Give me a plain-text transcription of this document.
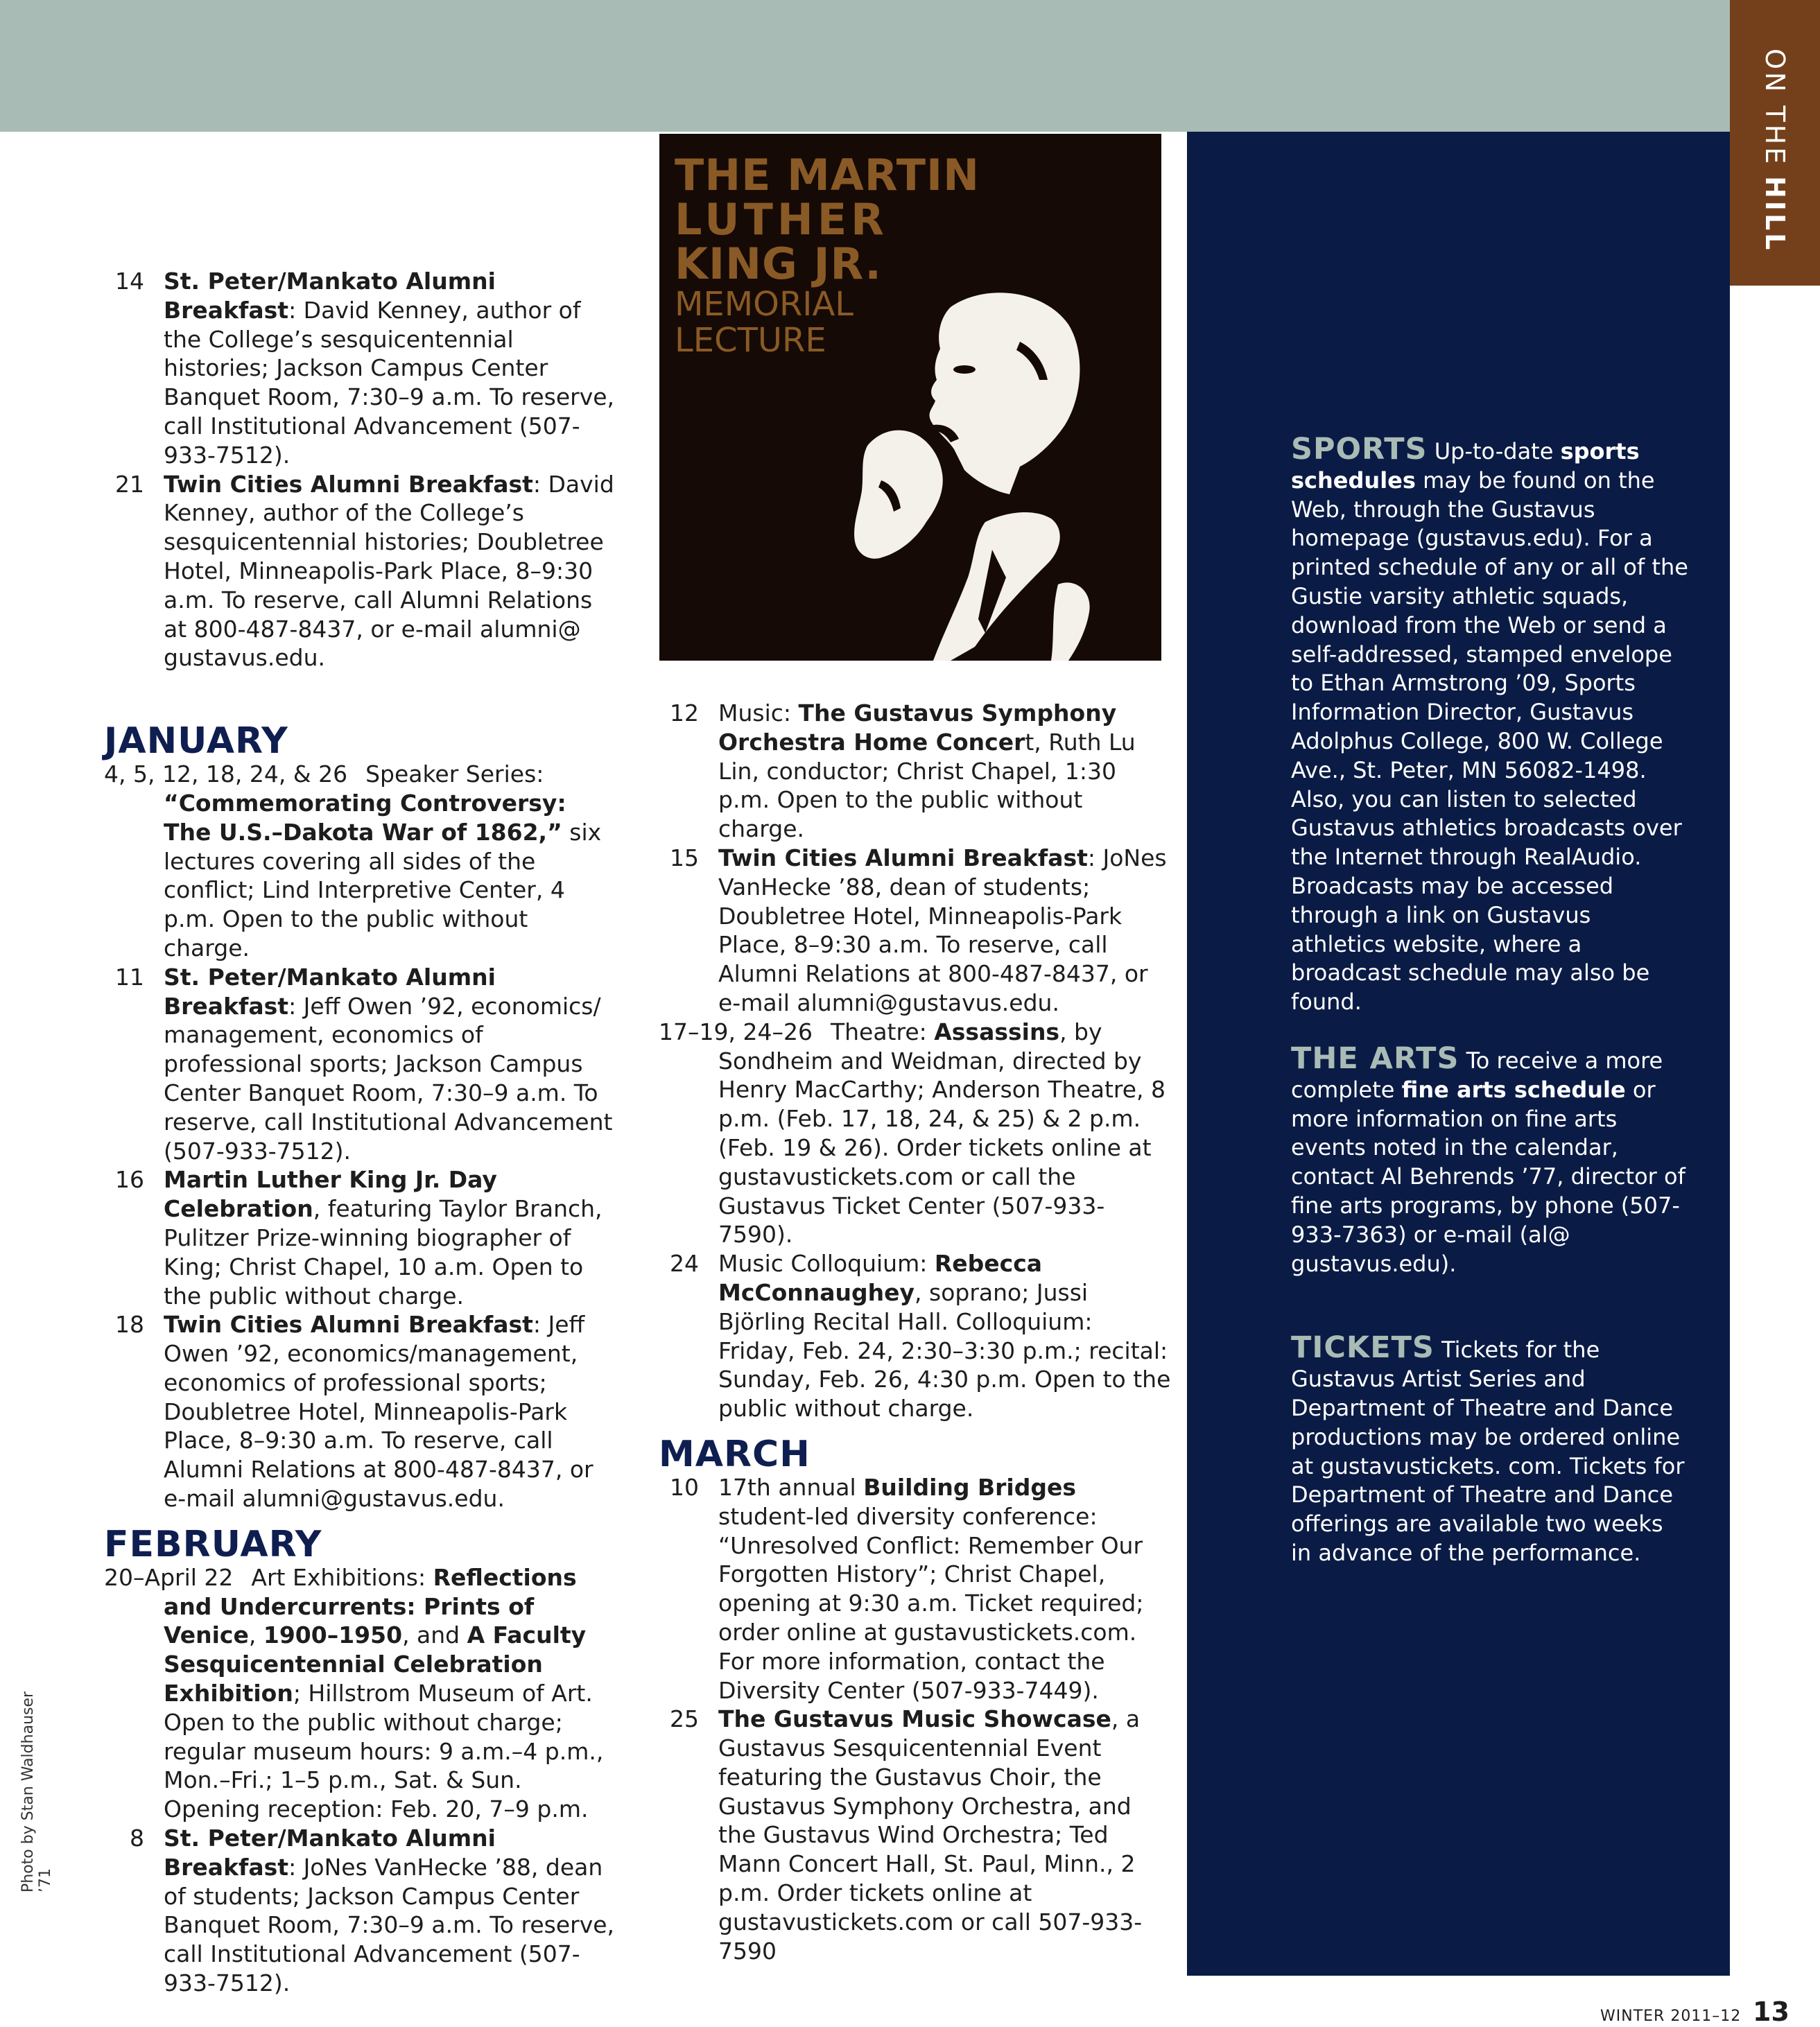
ON THE
HILL
THE MARTIN
LUTHER
KING JR.
MEMORIAL
LECTURE
14 St. Peter/Mankato Alumni Breakfast: David Kenney, author of the College’s sesquicentennial histories; Jackson Campus Center Banquet Room, 7:30–9 a.m. To reserve, call Institutional Advancement (507-933-7512).
21 Twin Cities Alumni Breakfast: David Kenney, author of the College’s sesquicentennial histories; Doubletree Hotel, Minneapolis-Park Place, 8–9:30 a.m. To reserve, call Alumni Relations at 800-487-8437, or e-mail alumni@ gustavus.edu.
JANUARY
4, 5, 12, 18, 24, & 26 Speaker Series: “Commemorating Controversy: The U.S.–Dakota War of 1862,” six lectures covering all sides of the conflict; Lind Interpretive Center, 4 p.m. Open to the public without charge.
11 St. Peter/Mankato Alumni Breakfast: Jeff Owen ’92, economics/ management, economics of professional sports; Jackson Campus Center Banquet Room, 7:30–9 a.m. To reserve, call Institutional Advancement (507-933-7512).
16 Martin Luther King Jr. Day Celebration, featuring Taylor Branch, Pulitzer Prize-winning biographer of King; Christ Chapel, 10 a.m. Open to the public without charge.
18 Twin Cities Alumni Breakfast: Jeff Owen ’92, economics/management, economics of professional sports; Doubletree Hotel, Minneapolis-Park Place, 8–9:30 a.m. To reserve, call Alumni Relations at 800-487-8437, or e-mail alumni@gustavus.edu.
FEBRUARY
20–April 22 Art Exhibitions: Reflections and Undercurrents: Prints of Venice, 1900–1950, and A Faculty Sesquicentennial Celebration Exhibition; Hillstrom Museum of Art. Open to the public without charge; regular museum hours: 9 a.m.–4 p.m., Mon.–Fri.; 1–5 p.m., Sat. & Sun. Opening reception: Feb. 20, 7–9 p.m.
8 St. Peter/Mankato Alumni Breakfast: JoNes VanHecke ’88, dean of students; Jackson Campus Center Banquet Room, 7:30–9 a.m. To reserve, call Institutional Advancement (507-933-7512).
12 Music: The Gustavus Symphony Orchestra Home Concert, Ruth Lu Lin, conductor; Christ Chapel, 1:30 p.m. Open to the public without charge.
15 Twin Cities Alumni Breakfast: JoNes VanHecke ’88, dean of students; Doubletree Hotel, Minneapolis-Park Place, 8–9:30 a.m. To reserve, call Alumni Relations at 800-487-8437, or e-mail alumni@gustavus.edu.
17–19, 24–26 Theatre: Assassins, by Sondheim and Weidman, directed by Henry MacCarthy; Anderson Theatre, 8 p.m. (Feb. 17, 18, 24, & 25) & 2 p.m. (Feb. 19 & 26). Order tickets online at gustavustickets.com or call the Gustavus Ticket Center (507-933-7590).
24 Music Colloquium: Rebecca McConnaughey, soprano; Jussi Björling Recital Hall. Colloquium: Friday, Feb. 24, 2:30–3:30 p.m.; recital: Sunday, Feb. 26, 4:30 p.m. Open to the public without charge.
MARCH
10 17th annual Building Bridges student-led diversity conference: “Unresolved Conflict: Remember Our Forgotten History”; Christ Chapel, opening at 9:30 a.m. Ticket required; order online at gustavustickets.com. For more information, contact the Diversity Center (507-933-7449).
25 The Gustavus Music Showcase, a Gustavus Sesquicentennial Event featuring the Gustavus Choir, the Gustavus Symphony Orchestra, and the Gustavus Wind Orchestra; Ted Mann Concert Hall, St. Paul, Minn., 2 p.m. Order tickets online at gustavustickets.com or call 507-933-7590

SPORTS Up-to-date sports schedules may be found on the Web, through the Gustavus homepage (gustavus.edu). For a printed schedule of any or all of the Gustie varsity athletic squads, download from the Web or send a self-addressed, stamped envelope to Ethan Armstrong ’09, Sports Information Director, Gustavus Adolphus College, 800 W. College Ave., St. Peter, MN 56082-1498. Also, you can listen to selected Gustavus athletics broadcasts over the Internet through RealAudio. Broadcasts may be accessed through a link on Gustavus athletics website, where a broadcast schedule may also be found.

THE ARTS To receive a more complete fine arts schedule or more information on fine arts events noted in the calendar, contact Al Behrends ’77, director of fine arts programs, by phone (507-933-7363) or e-mail (al@ gustavus.edu).

TICKETS Tickets for the Gustavus Artist Series and Department of Theatre and Dance productions may be ordered online at gustavustickets. com. Tickets for Department of Theatre and Dance offerings are available two weeks in advance of the performance.

Photo by Stan Waldhauser ’71
WINTER 2011–12 13
